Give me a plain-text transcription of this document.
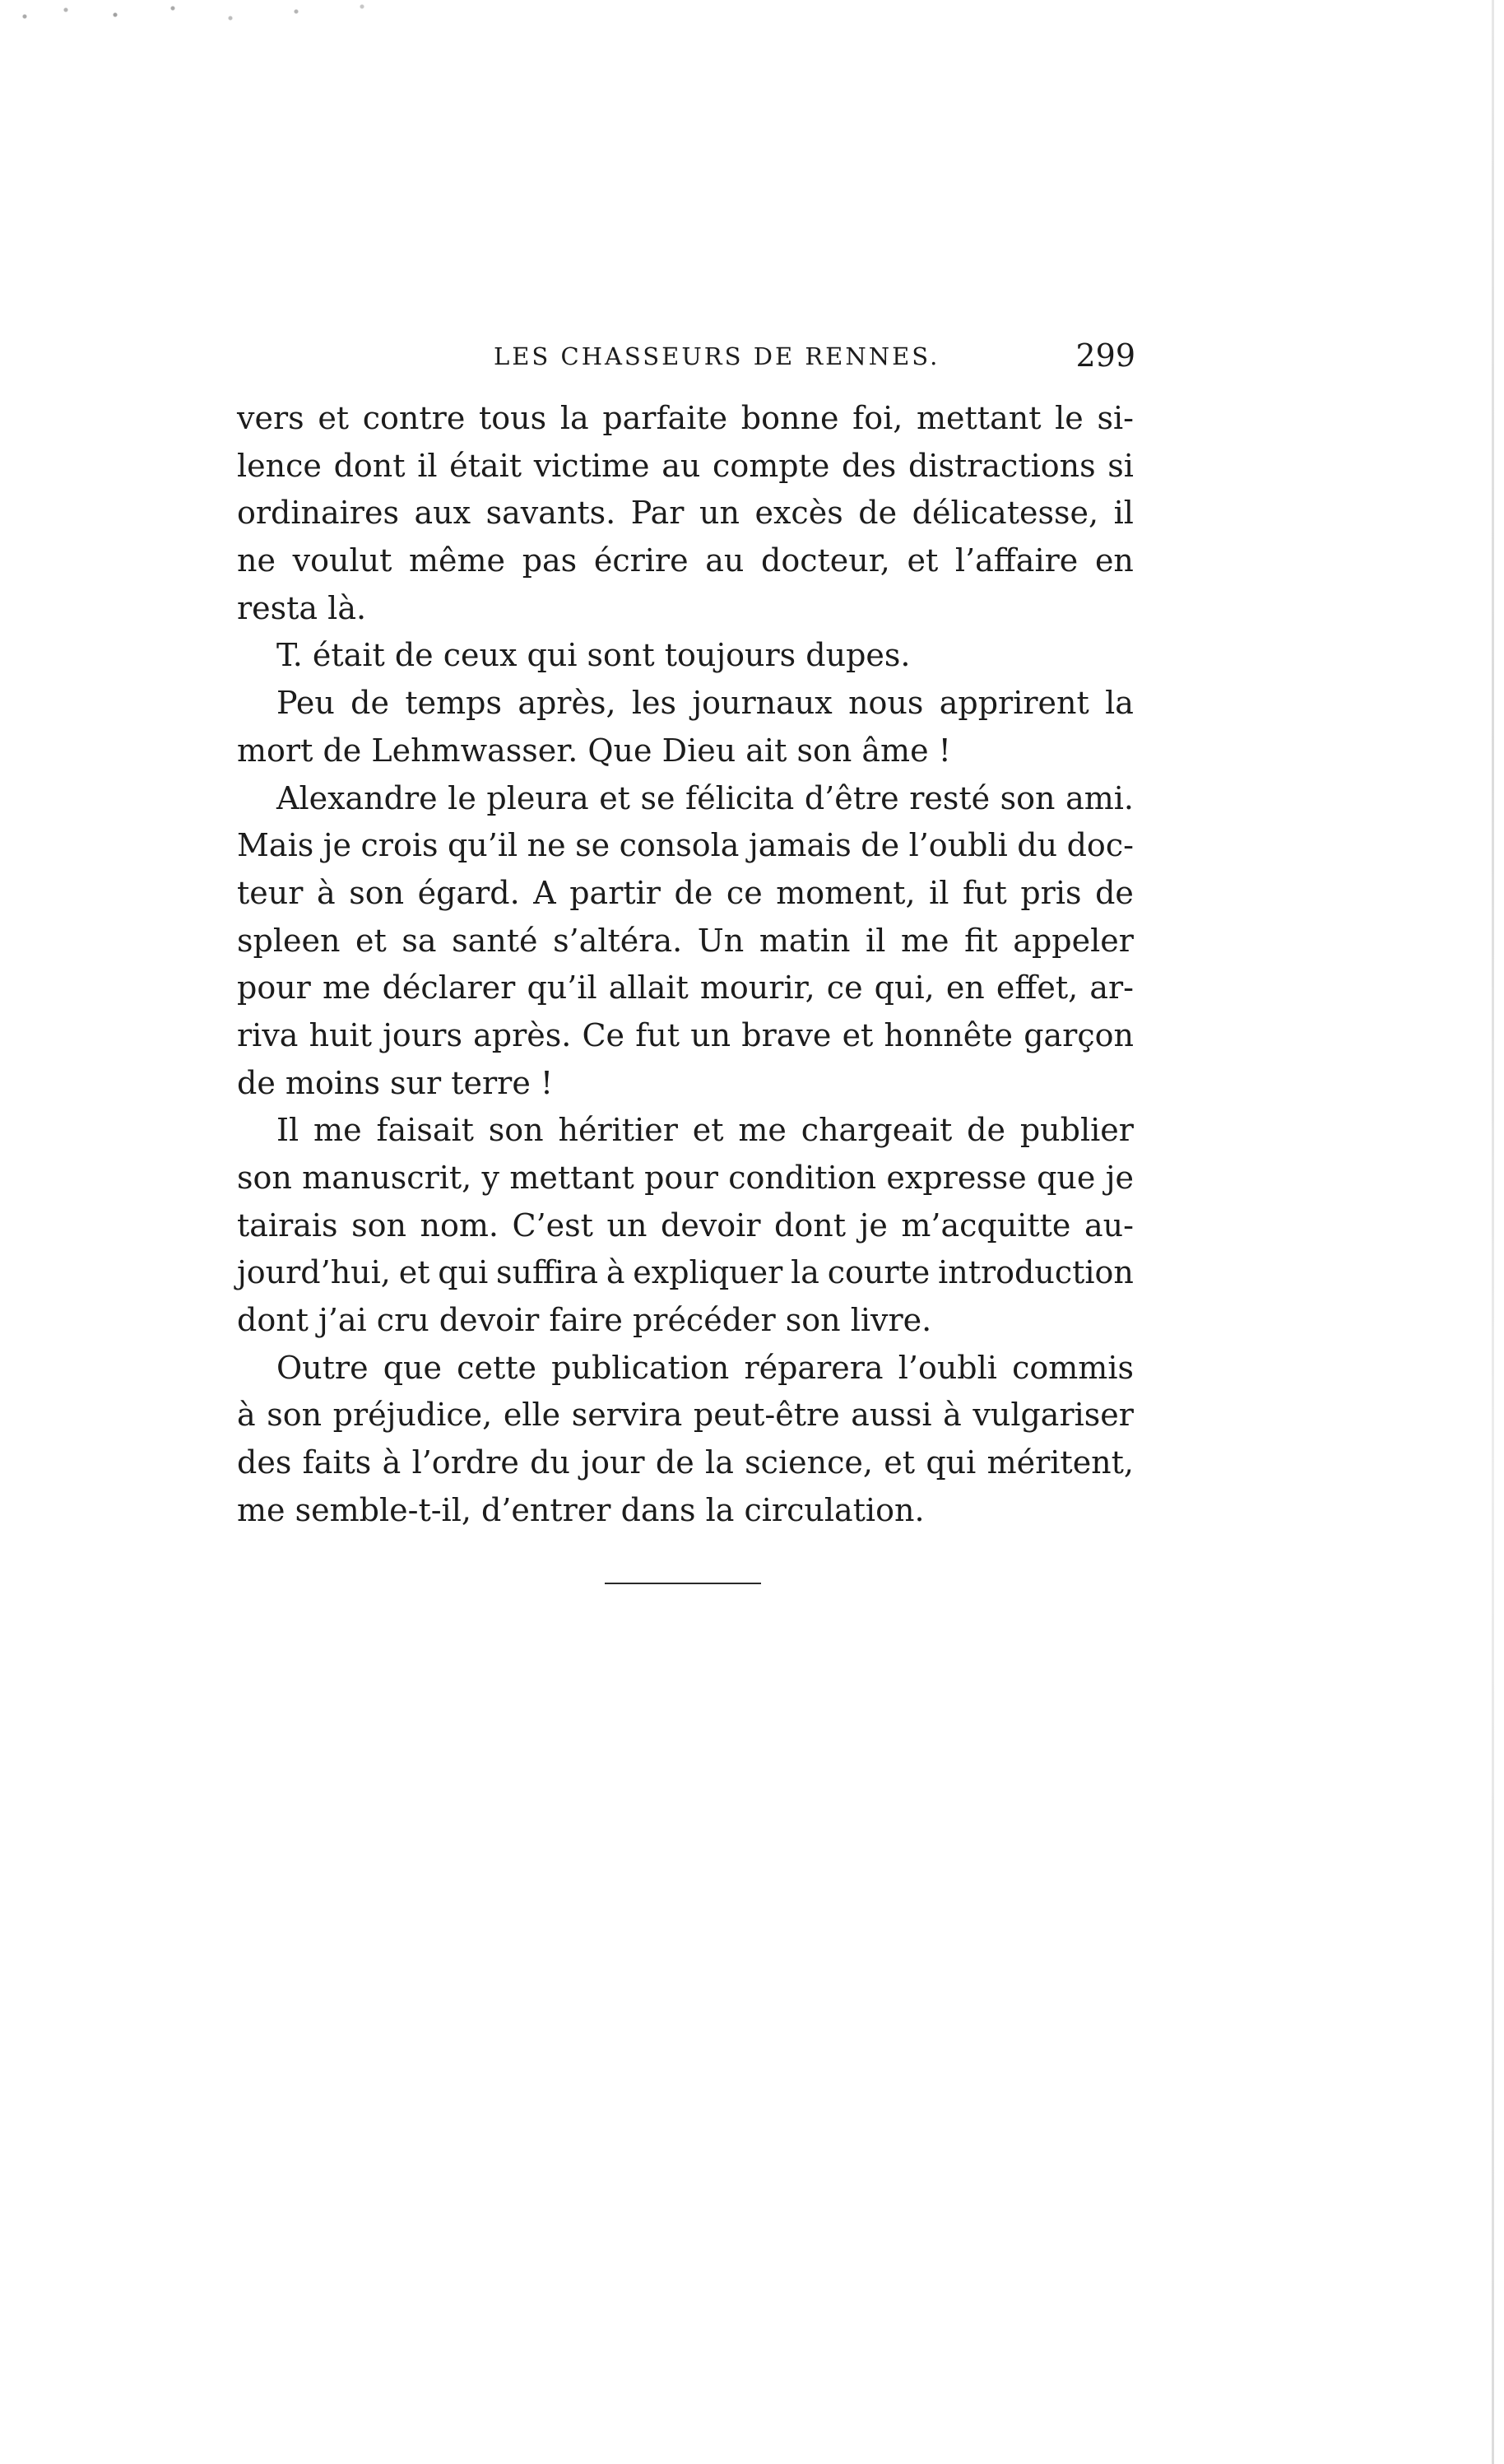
LES CHASSEURS DE RENNES.	299
vers et contre tous la parfaite bonne foi, mettant le si-
lence dont il était victime au compte des distractions si
ordinaires aux savants. Par un excès de délicatesse, il
ne voulut même pas écrire au docteur, et l’affaire en
resta là.
T. était de ceux qui sont toujours dupes.
Peu de temps après, les journaux nous apprirent la
mort de Lehmwasser. Que Dieu ait son âme !
Alexandre le pleura et se félicita d’être resté son ami.
Mais je crois qu’il ne se consola jamais de l’oubli du doc-
teur à son égard. A partir de ce moment, il fut pris de
spleen et sa santé s’altéra. Un matin il me fit appeler
pour me déclarer qu’il allait mourir, ce qui, en effet, ar-
riva huit jours après. Ce fut un brave et honnête garçon
de moins sur terre !
Il me faisait son héritier et me chargeait de publier
son manuscrit, y mettant pour condition expresse que je
tairais son nom. C’est un devoir dont je m’acquitte au-
jourd’hui, et qui suffira à expliquer la courte introduction
dont j’ai cru devoir faire précéder son livre.
Outre que cette publication réparera l’oubli commis
à son préjudice, elle servira peut-être aussi à vulgariser
des faits à l’ordre du jour de la science, et qui méritent,
me semble-t-il, d’entrer dans la circulation.
